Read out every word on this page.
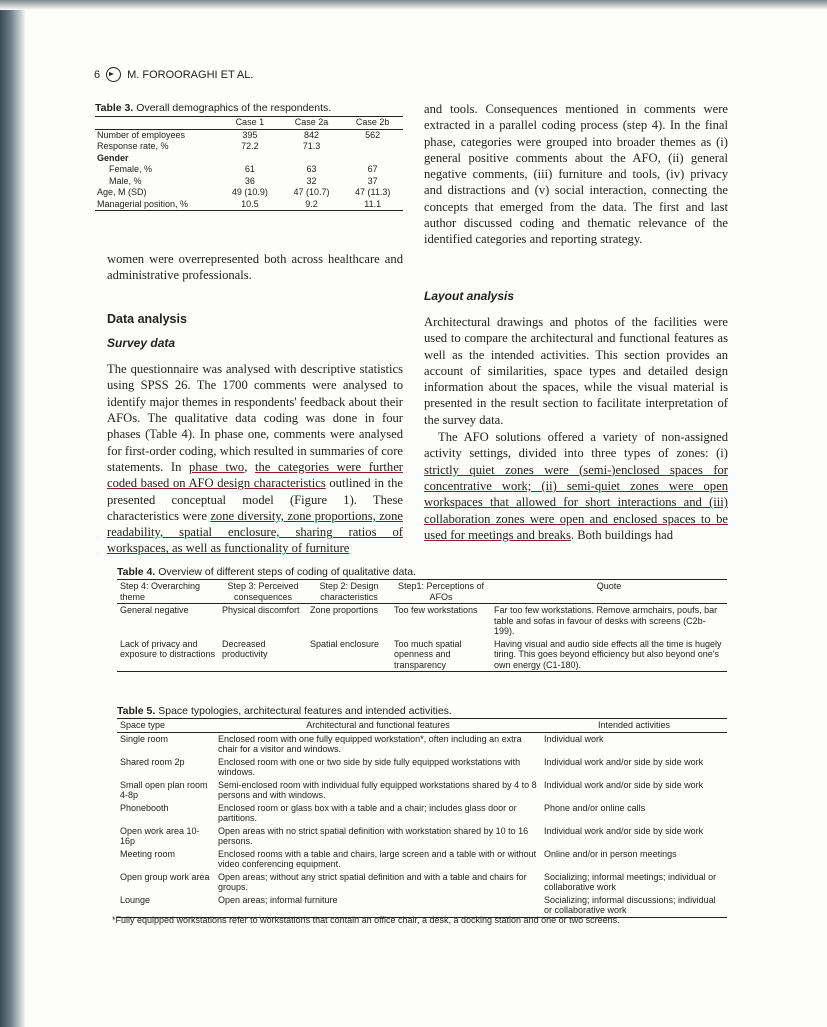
6 M. FOROORAGHI ET AL.
Table 3. Overall demographics of the respondents.
	Case 1	Case 2a	Case 2b
Number of employees	395	842	562
Response rate, %	72.2	71.3	
Gender			
Female, %	61	63	67
Male, %	36	32	37
Age, M (SD)	49 (10.9)	47 (10.7)	47 (11.3)
Managerial position, %	10.5	9.2	11.1

women were overrepresented both across healthcare and administrative professionals.

Data analysis
Survey data

The questionnaire was analysed with descriptive statistics using SPSS 26. The 1700 comments were analysed to identify major themes in respondents' feedback about their AFOs. The qualitative data coding was done in four phases (Table 4). In phase one, comments were analysed for first-order coding, which resulted in summaries of core statements. In phase two, the categories were further coded based on AFO design characteristics outlined in the presented conceptual model (Figure 1). These characteristics were zone diversity, zone proportions, zone readability, spatial enclosure, sharing ratios of workspaces, as well as functionality of furniture

and tools. Consequences mentioned in comments were extracted in a parallel coding process (step 4). In the final phase, categories were grouped into broader themes as (i) general positive comments about the AFO, (ii) general negative comments, (iii) furniture and tools, (iv) privacy and distractions and (v) social interaction, connecting the concepts that emerged from the data. The first and last author discussed coding and thematic relevance of the identified categories and reporting strategy.

Layout analysis

Architectural drawings and photos of the facilities were used to compare the architectural and functional features as well as the intended activities. This section provides an account of similarities, space types and detailed design information about the spaces, while the visual material is presented in the result section to facilitate interpretation of the survey data.

The AFO solutions offered a variety of non-assigned activity settings, divided into three types of zones: (i) strictly quiet zones were (semi-)enclosed spaces for concentrative work; (ii) semi-quiet zones were open workspaces that allowed for short interactions and (iii) collaboration zones were open and enclosed spaces to be used for meetings and breaks. Both buildings had

Table 4. Overview of different steps of coding of qualitative data.
Step 4: Overarching theme	Step 3: Perceived consequences	Step 2: Design characteristics	Step1: Perceptions of AFOs	Quote
General negative	Physical discomfort	Zone proportions	Too few workstations	Far too few workstations. Remove armchairs, poufs, bar table and sofas in favour of desks with screens (C2b-199).
Lack of privacy and exposure to distractions	Decreased productivity	Spatial enclosure	Too much spatial openness and transparency	Having visual and audio side effects all the time is hugely tiring. This goes beyond efficiency but also beyond one's own energy (C1-180).
Table 5. Space typologies, architectural features and intended activities.
Space type	Architectural and functional features	Intended activities
Single room	Enclosed room with one fully equipped workstation*, often including an extra chair for a visitor and windows.	Individual work
Shared room 2p	Enclosed room with one or two side by side fully equipped workstations with windows.	Individual work and/or side by side work
Small open plan room 4-8p	Semi-enclosed room with individual fully equipped workstations shared by 4 to 8 persons and with windows.	Individual work and/or side by side work
Phonebooth	Enclosed room or glass box with a table and a chair; includes glass door or partitions.	Phone and/or online calls
Open work area 10-16p	Open areas with no strict spatial definition with workstation shared by 10 to 16 persons.	Individual work and/or side by side work
Meeting room	Enclosed rooms with a table and chairs, large screen and a table with or without video conferencing equipment.	Online and/or in person meetings
Open group work area	Open areas; without any strict spatial definition and with a table and chairs for groups.	Socializing; informal meetings; individual or collaborative work
Lounge	Open areas; informal furniture	Socializing; informal discussions; individual or collaborative work
*Fully equipped workstations refer to workstations that contain an office chair, a desk, a docking station and one or two screens.
